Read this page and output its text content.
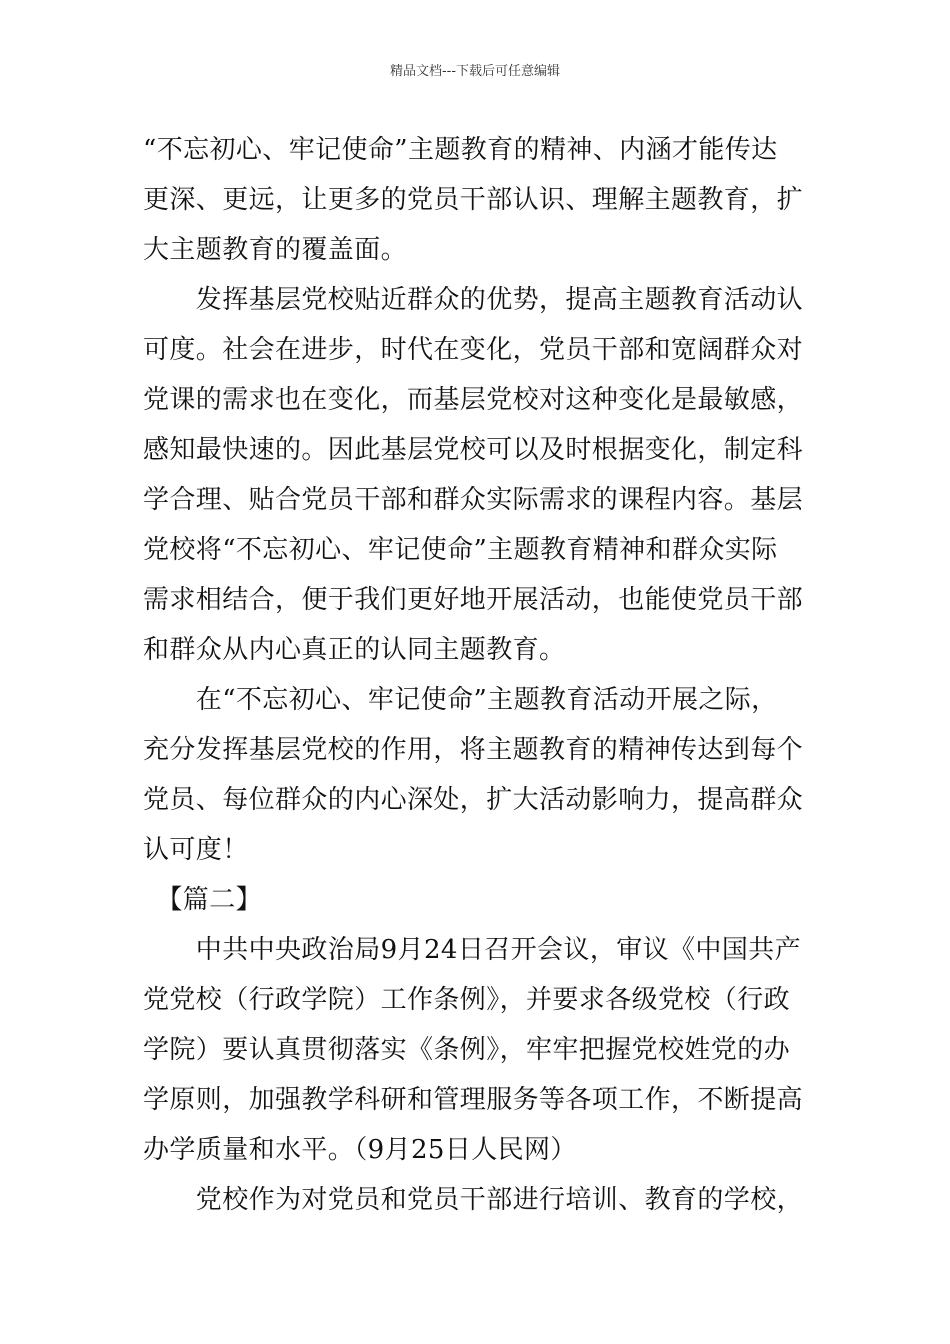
精品文档---下载后可任意编辑
“不忘初心、牢记使命”主题教育的精神、内涵才能传达
更深、更远，让更多的党员干部认识、理解主题教育，扩
大主题教育的覆盖面。
　　发挥基层党校贴近群众的优势，提高主题教育活动认
可度。社会在进步，时代在变化，党员干部和宽阔群众对
党课的需求也在变化，而基层党校对这种变化是最敏感，
感知最快速的。因此基层党校可以及时根据变化，制定科
学合理、贴合党员干部和群众实际需求的课程内容。基层
党校将“不忘初心、牢记使命”主题教育精神和群众实际
需求相结合，便于我们更好地开展活动，也能使党员干部
和群众从内心真正的认同主题教育。
　　在“不忘初心、牢记使命”主题教育活动开展之际，
充分发挥基层党校的作用，将主题教育的精神传达到每个
党员、每位群众的内心深处，扩大活动影响力，提高群众
认可度！
　【篇二】
　　中共中央政治局9月24日召开会议，审议《中国共产
党党校（行政学院）工作条例》，并要求各级党校（行政
学院）要认真贯彻落实《条例》，牢牢把握党校姓党的办
学原则，加强教学科研和管理服务等各项工作，不断提高
办学质量和水平。（9月25日人民网）
　　党校作为对党员和党员干部进行培训、教育的学校，
